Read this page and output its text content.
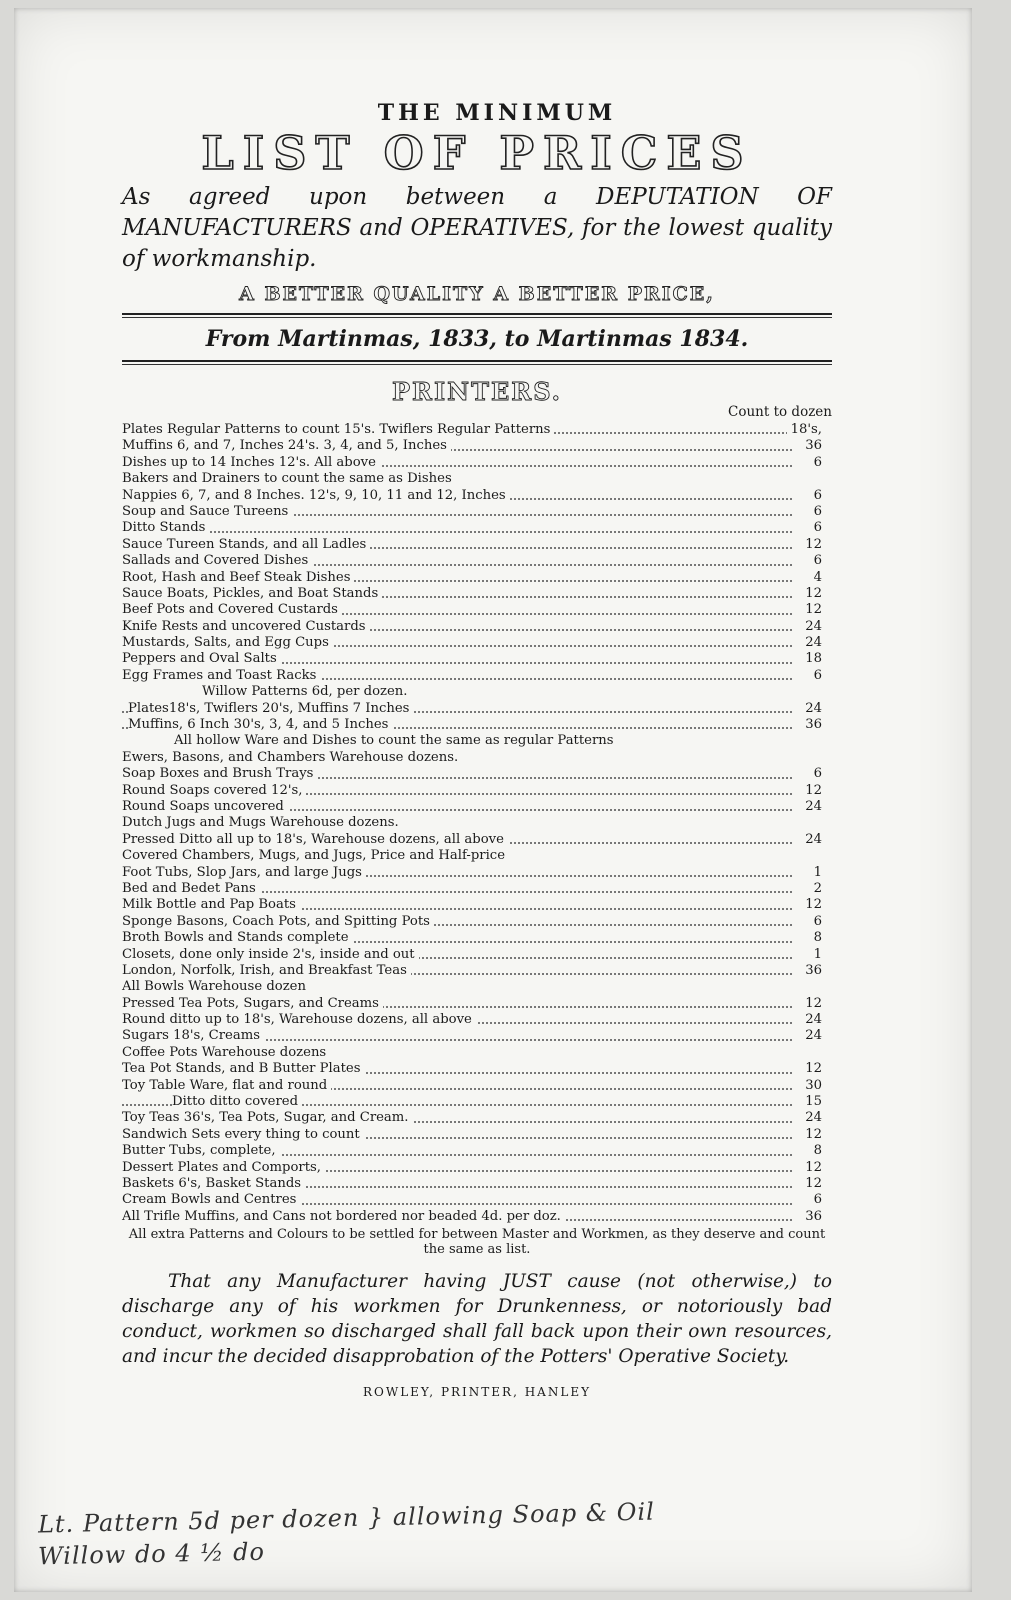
THE MINIMUM
LIST OF PRICES
As agreed upon between a DEPUTATION OF MANUFACTURERS and OPERATIVES, for the lowest quality of workmanship.
A BETTER QUALITY A BETTER PRICE,
From Martinmas, 1833, to Martinmas 1834.
PRINTERS.
Count to dozen
Plates Regular Patterns to count 15's. Twiflers Regular Patterns	18's,
Muffins 6, and 7, Inches 24's. 3, 4, and 5, Inches	36
Dishes up to 14 Inches 12's. All above	6
Bakers and Drainers to count the same as Dishes
Nappies 6, 7, and 8 Inches. 12's, 9, 10, 11 and 12, Inches	6
Soup and Sauce Tureens	6
Ditto Stands	6
Sauce Tureen Stands, and all Ladles	12
Sallads and Covered Dishes	6
Root, Hash and Beef Steak Dishes	4
Sauce Boats, Pickles, and Boat Stands	12
Beef Pots and Covered Custards	12
Knife Rests and uncovered Custards	24
Mustards, Salts, and Egg Cups	24
Peppers and Oval Salts	18
Egg Frames and Toast Racks	6
Willow Patterns 6d, per dozen.
Plates18's, Twiflers 20's, Muffins 7 Inches	24
Muffins, 6 Inch 30's, 3, 4, and 5 Inches	36
All hollow Ware and Dishes to count the same as regular Patterns
Ewers, Basons, and Chambers Warehouse dozens.
Soap Boxes and Brush Trays	6
Round Soaps covered 12's,	12
Round Soaps uncovered	24
Dutch Jugs and Mugs Warehouse dozens.
Pressed Ditto all up to 18's, Warehouse dozens, all above	24
Covered Chambers, Mugs, and Jugs, Price and Half-price
Foot Tubs, Slop Jars, and large Jugs	1
Bed and Bedet Pans	2
Milk Bottle and Pap Boats	12
Sponge Basons, Coach Pots, and Spitting Pots	6
Broth Bowls and Stands complete	8
Closets, done only inside 2's, inside and out	1
London, Norfolk, Irish, and Breakfast Teas	36
All Bowls Warehouse dozen
Pressed Tea Pots, Sugars, and Creams	12
Round ditto up to 18's, Warehouse dozens, all above	24
Sugars 18's, Creams	24
Coffee Pots Warehouse dozens
Tea Pot Stands, and B Butter Plates	12
Toy Table Ware, flat and round	30
Ditto ditto covered	15
Toy Teas 36's, Tea Pots, Sugar, and Cream.	24
Sandwich Sets every thing to count	12
Butter Tubs, complete,	8
Dessert Plates and Comports,	12
Baskets 6's, Basket Stands	12
Cream Bowls and Centres	6
All Trifle Muffins, and Cans not bordered nor beaded 4d. per doz.	36
All extra Patterns and Colours to be settled for between Master and Workmen, as they deserve and count the same as list.
That any Manufacturer having JUST cause (not otherwise,) to discharge any of his workmen for Drunkenness, or notoriously bad conduct, workmen so discharged shall fall back upon their own resources, and incur the decided disapprobation of the Potters' Operative Society.
ROWLEY, PRINTER, HANLEY
Lt. Pattern 5d per dozen } allowing Soap & Oil
Willow do 4 ½ do
